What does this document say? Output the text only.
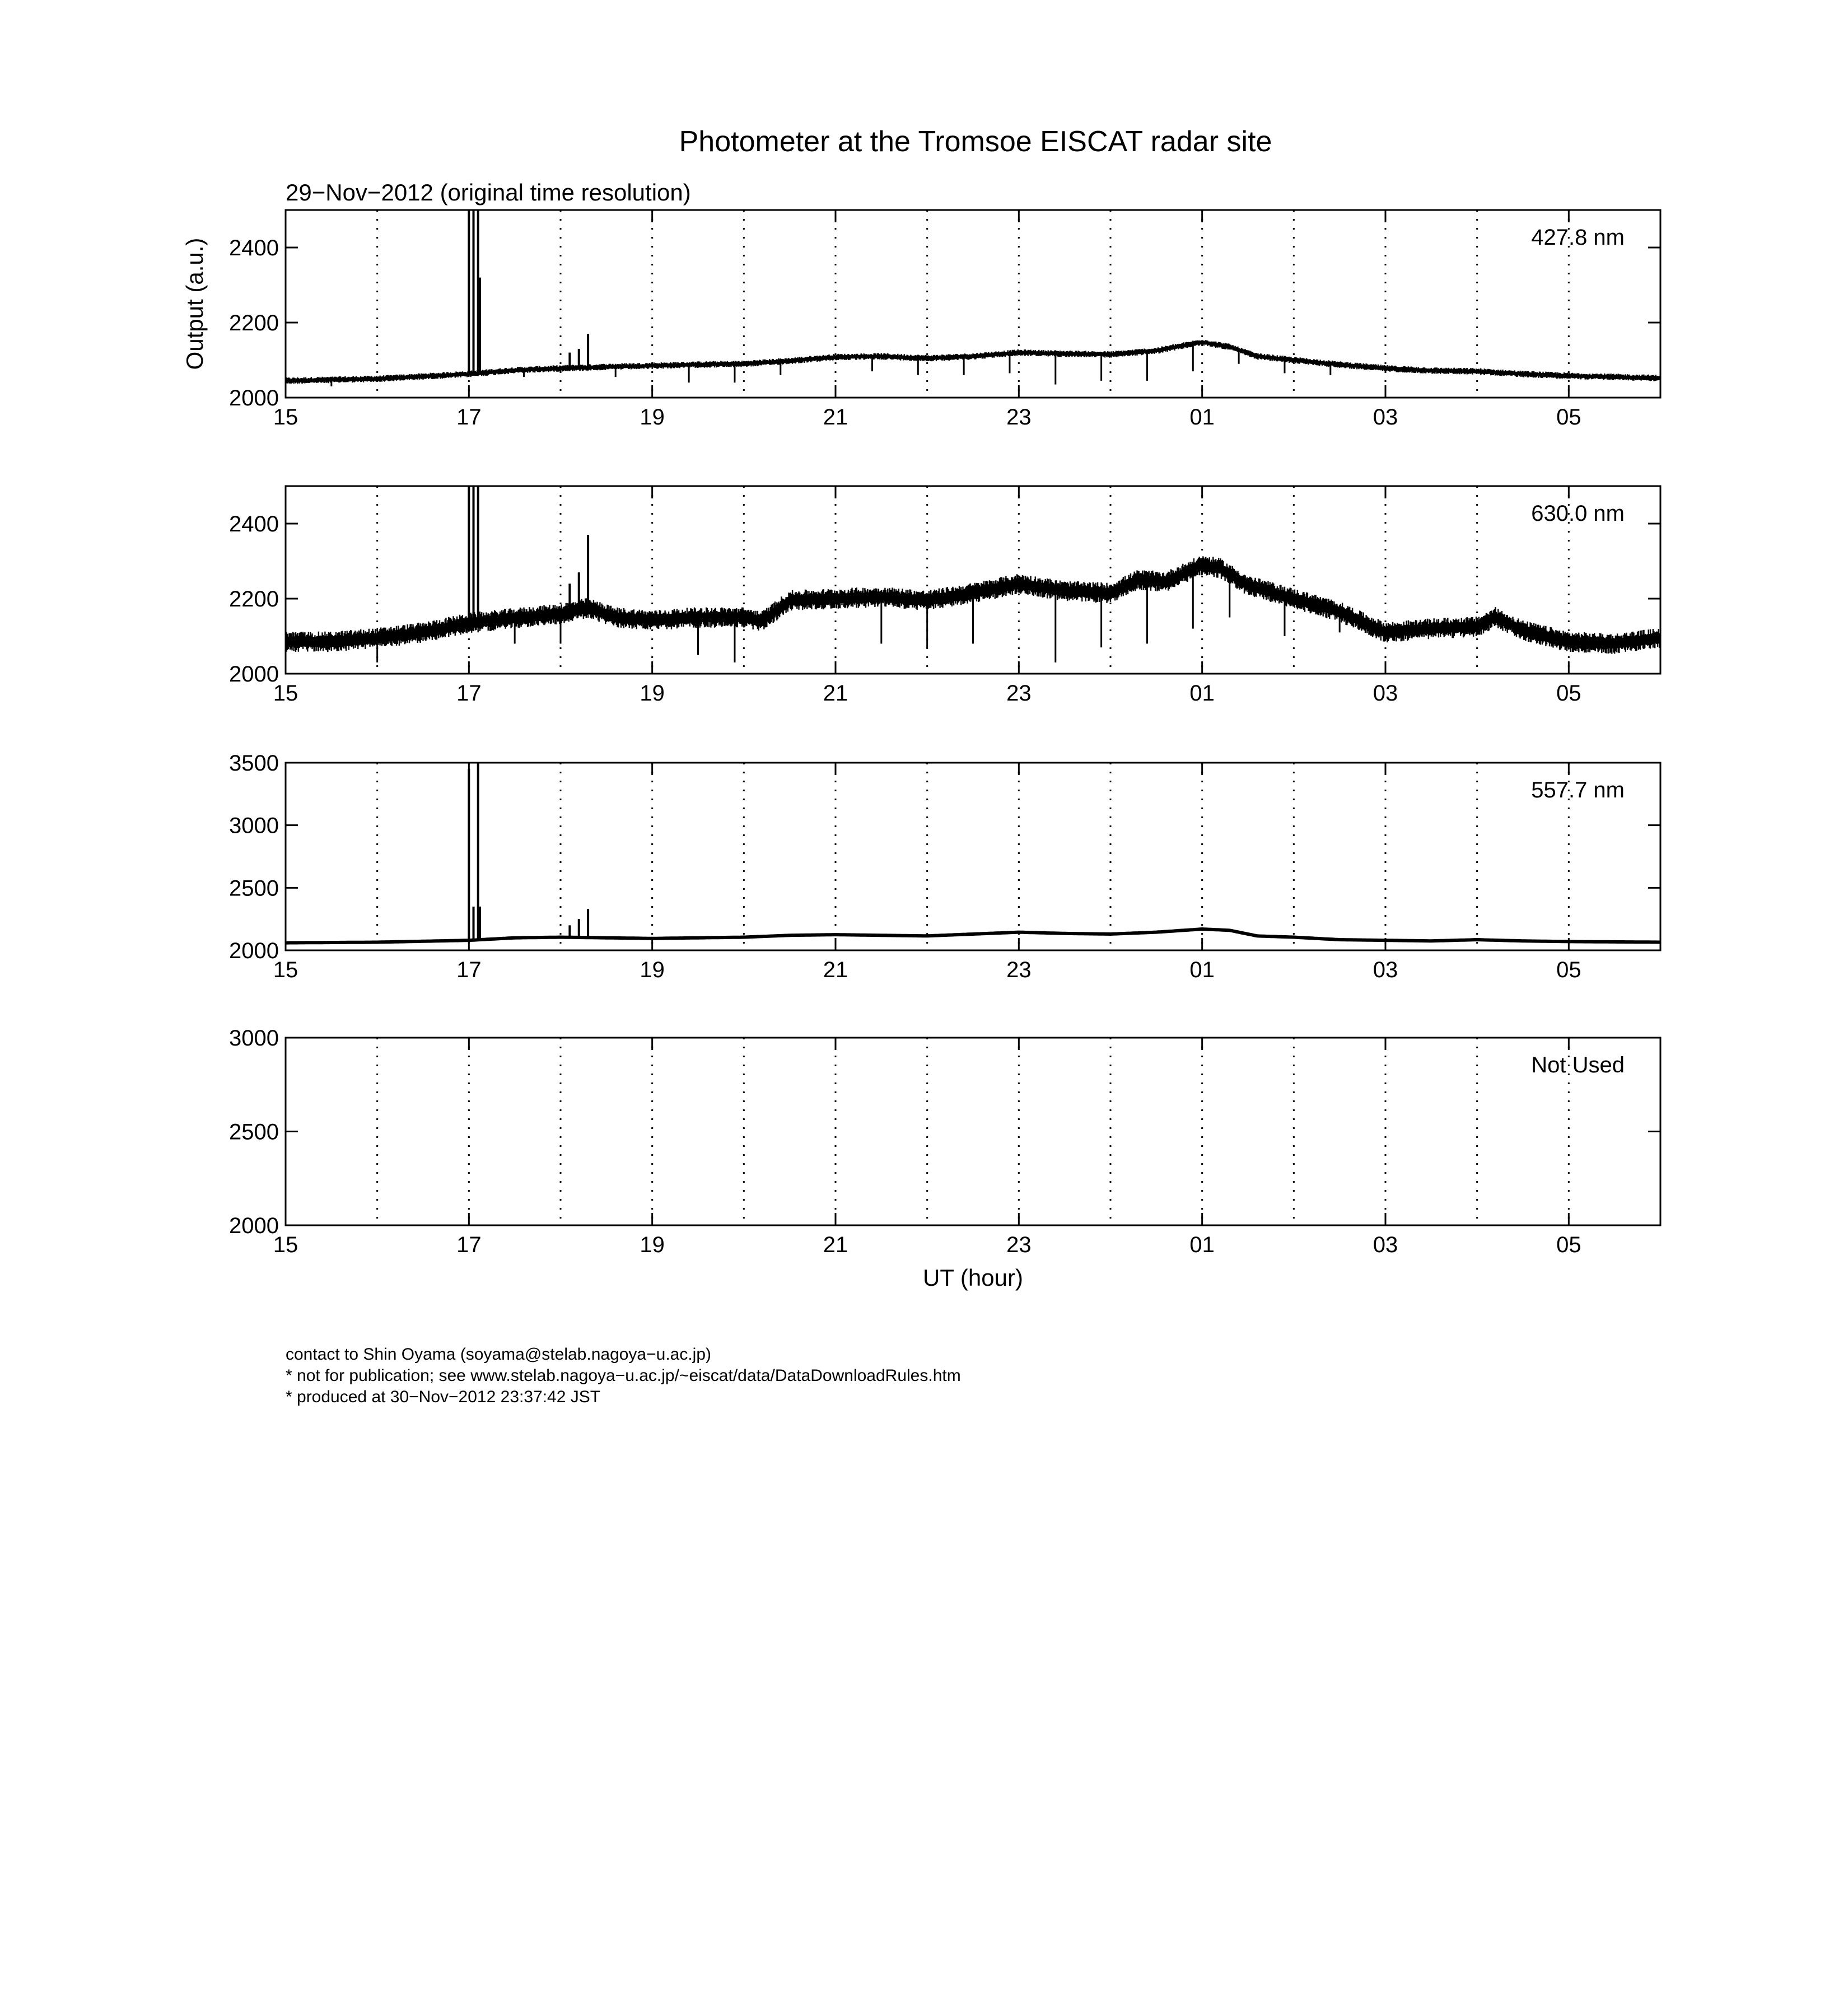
Photometer at the Tromsoe EISCAT radar site
29−Nov−2012 (original time resolution)
2000
2200
2400
15	17	19	21	23	01	03	05
427.8 nm
Output (a.u.)
2000
2200
2400
15	17	19	21	23	01	03	05
630.0 nm
2000
2500
3000
3500
15	17	19	21	23	01	03	05
557.7 nm
2000
2500
3000
15	17	19	21	23	01	03	05
Not Used
UT (hour)
contact to Shin Oyama (soyama@stelab.nagoya−u.ac.jp)
* not for publication; see www.stelab.nagoya−u.ac.jp/~eiscat/data/DataDownloadRules.htm
* produced at 30−Nov−2012 23:37:42 JST
